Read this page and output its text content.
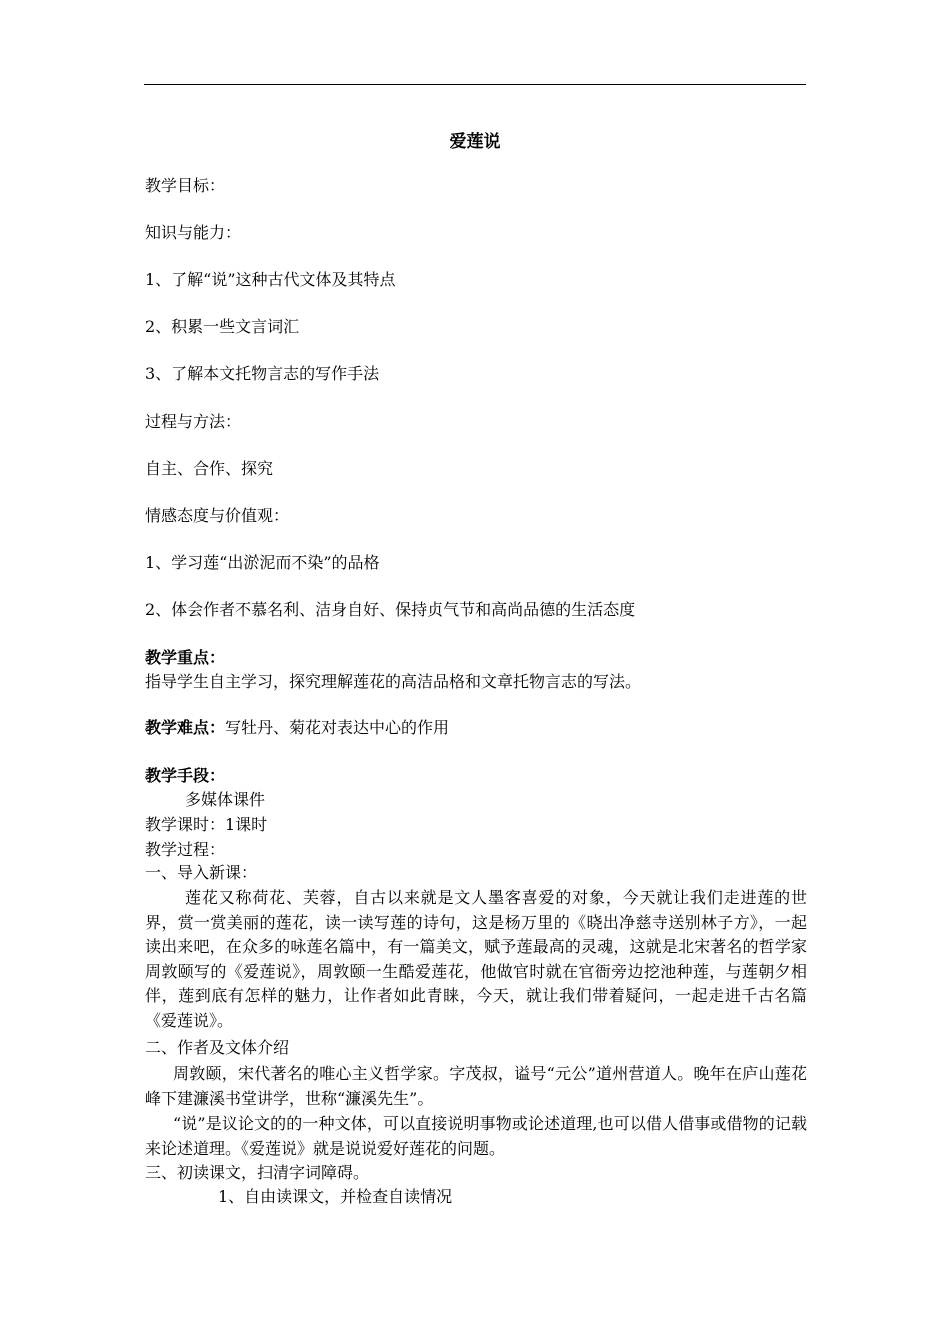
爱莲说
教学目标：
知识与能力：
1、了解“说”这种古代文体及其特点
2、积累一些文言词汇
3、了解本文托物言志的写作手法
过程与方法：
自主、合作、探究
情感态度与价值观：
1、学习莲“出淤泥而不染”的品格
2、体会作者不慕名利、洁身自好、保持贞气节和高尚品德的生活态度
教学重点：
指导学生自主学习，探究理解莲花的高洁品格和文章托物言志的写法。
教学难点：写牡丹、菊花对表达中心的作用
教学手段：
多媒体课件
教学课时：1课时
教学过程：
一、导入新课：
莲花又称荷花、芙蓉，自古以来就是文人墨客喜爱的对象，今天就让我们走进莲的世界，赏一赏美丽的莲花，读一读写莲的诗句，这是杨万里的《晓出净慈寺送别林子方》，一起读出来吧，在众多的咏莲名篇中，有一篇美文，赋予莲最高的灵魂，这就是北宋著名的哲学家周敦颐写的《爱莲说》，周敦颐一生酷爱莲花，他做官时就在官衙旁边挖池种莲，与莲朝夕相伴，莲到底有怎样的魅力，让作者如此青睐，今天，就让我们带着疑问，一起走进千古名篇《爱莲说》。
二、作者及文体介绍
周敦颐，宋代著名的唯心主义哲学家。字茂叔，谥号“元公”道州营道人。晚年在庐山莲花峰下建濂溪书堂讲学，世称“濂溪先生”。
“说”是议论文的的一种文体，可以直接说明事物或论述道理,也可以借人借事或借物的记载来论述道理。《爱莲说》就是说说爱好莲花的问题。
三、初读课文，扫清字词障碍。
1、自由读课文，并检查自读情况
